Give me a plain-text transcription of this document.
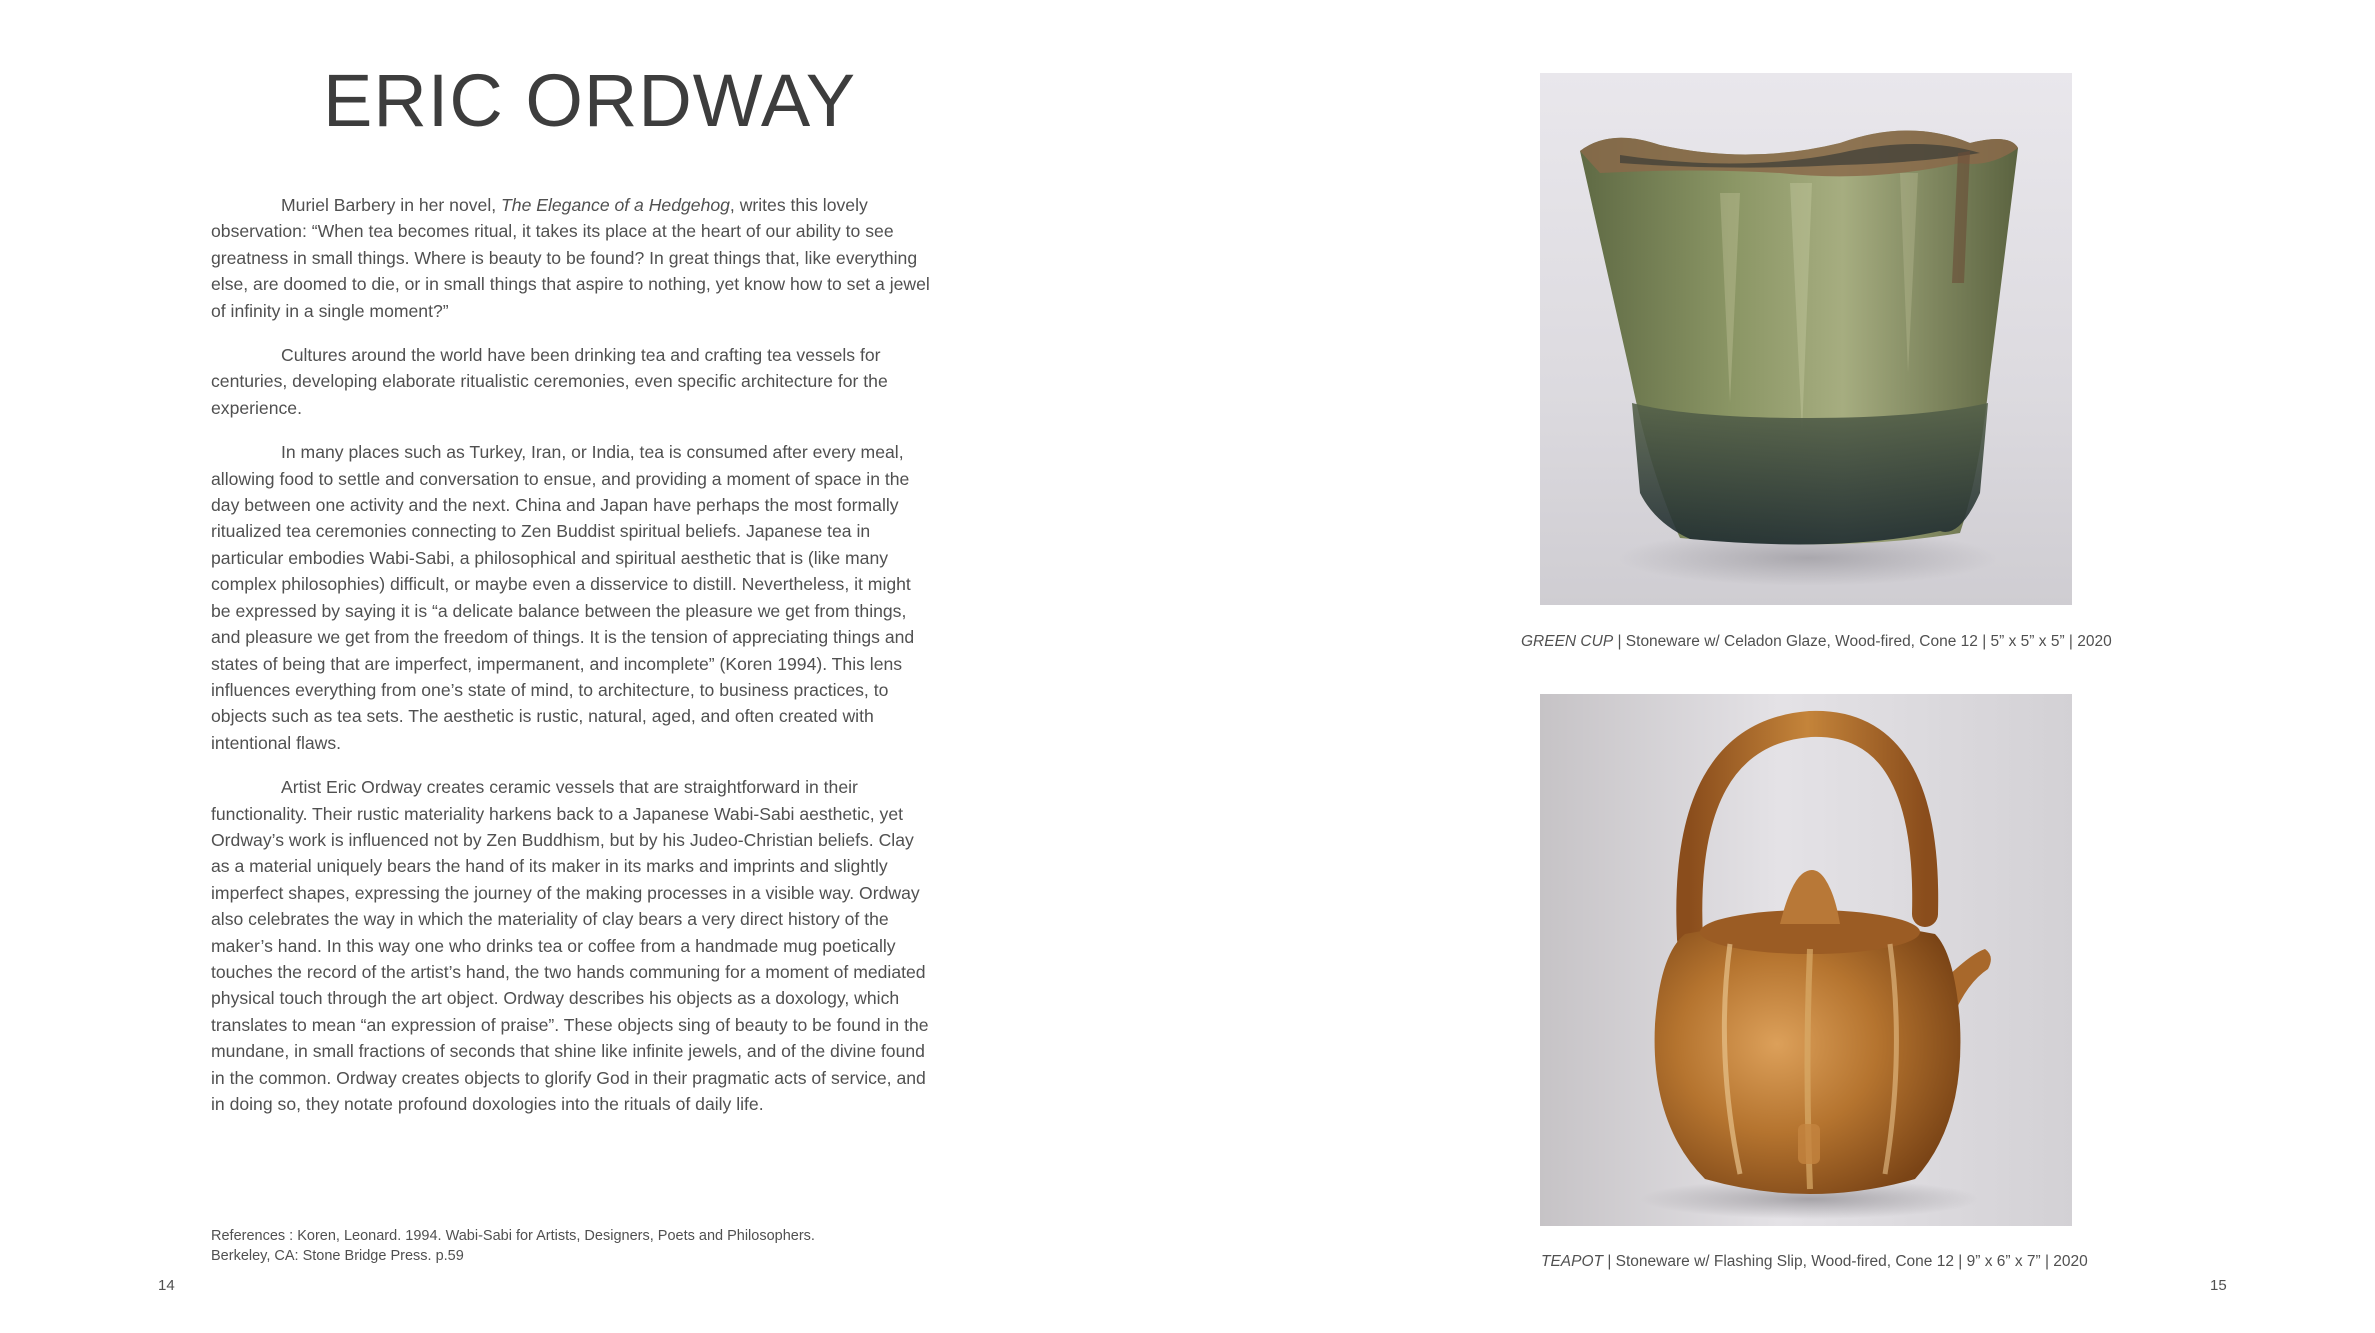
ERIC ORDWAY

Muriel Barbery in her novel, The Elegance of a Hedgehog, writes this lovely observation: “When tea becomes ritual, it takes its place at the heart of our ability to see greatness in small things. Where is beauty to be found? In great things that, like everything else, are doomed to die, or in small things that aspire to nothing, yet know how to set a jewel of infinity in a single moment?”

Cultures around the world have been drinking tea and crafting tea vessels for centuries, developing elaborate ritualistic ceremonies, even specific architecture for the experience.

In many places such as Turkey, Iran, or India, tea is consumed after every meal, allowing food to settle and conversation to ensue, and providing a moment of space in the day between one activity and the next. China and Japan have perhaps the most formally ritualized tea ceremonies connecting to Zen Buddist spiritual beliefs. Japanese tea in particular embodies Wabi-Sabi, a philosophical and spiritual aesthetic that is (like many complex philosophies) difficult, or maybe even a disservice to distill. Nevertheless, it might be expressed by saying it is “a delicate balance between the pleasure we get from things, and pleasure we get from the freedom of things. It is the tension of appreciating things and states of being that are imperfect, impermanent, and incomplete” (Koren 1994). This lens influences everything from one’s state of mind, to architecture, to business practices, to objects such as tea sets. The aesthetic is rustic, natural, aged, and often created with intentional flaws.

Artist Eric Ordway creates ceramic vessels that are straightforward in their functionality. Their rustic materiality harkens back to a Japanese Wabi-Sabi aesthetic, yet Ordway’s work is influenced not by Zen Buddhism, but by his Judeo-Christian beliefs. Clay as a material uniquely bears the hand of its maker in its marks and imprints and slightly imperfect shapes, expressing the journey of the making processes in a visible way. Ordway also celebrates the way in which the materiality of clay bears a very direct history of the maker’s hand. In this way one who drinks tea or coffee from a handmade mug poetically touches the record of the artist’s hand, the two hands communing for a moment of mediated physical touch through the art object. Ordway describes his objects as a doxology, which translates to mean “an expression of praise”. These objects sing of beauty to be found in the mundane, in small fractions of seconds that shine like infinite jewels, and of the divine found in the common. Ordway creates objects to glorify God in their pragmatic acts of service, and in doing so, they notate profound doxologies into the rituals of daily life.

References : Koren, Leonard. 1994. Wabi-Sabi for Artists, Designers, Poets and Philosophers.
Berkeley, CA: Stone Bridge Press. p.59
14
GREEN CUP | Stoneware w/ Celadon Glaze, Wood-fired, Cone 12 | 5” x 5” x 5” | 2020
TEAPOT | Stoneware w/ Flashing Slip, Wood-fired, Cone 12 | 9” x 6” x 7” | 2020
15
